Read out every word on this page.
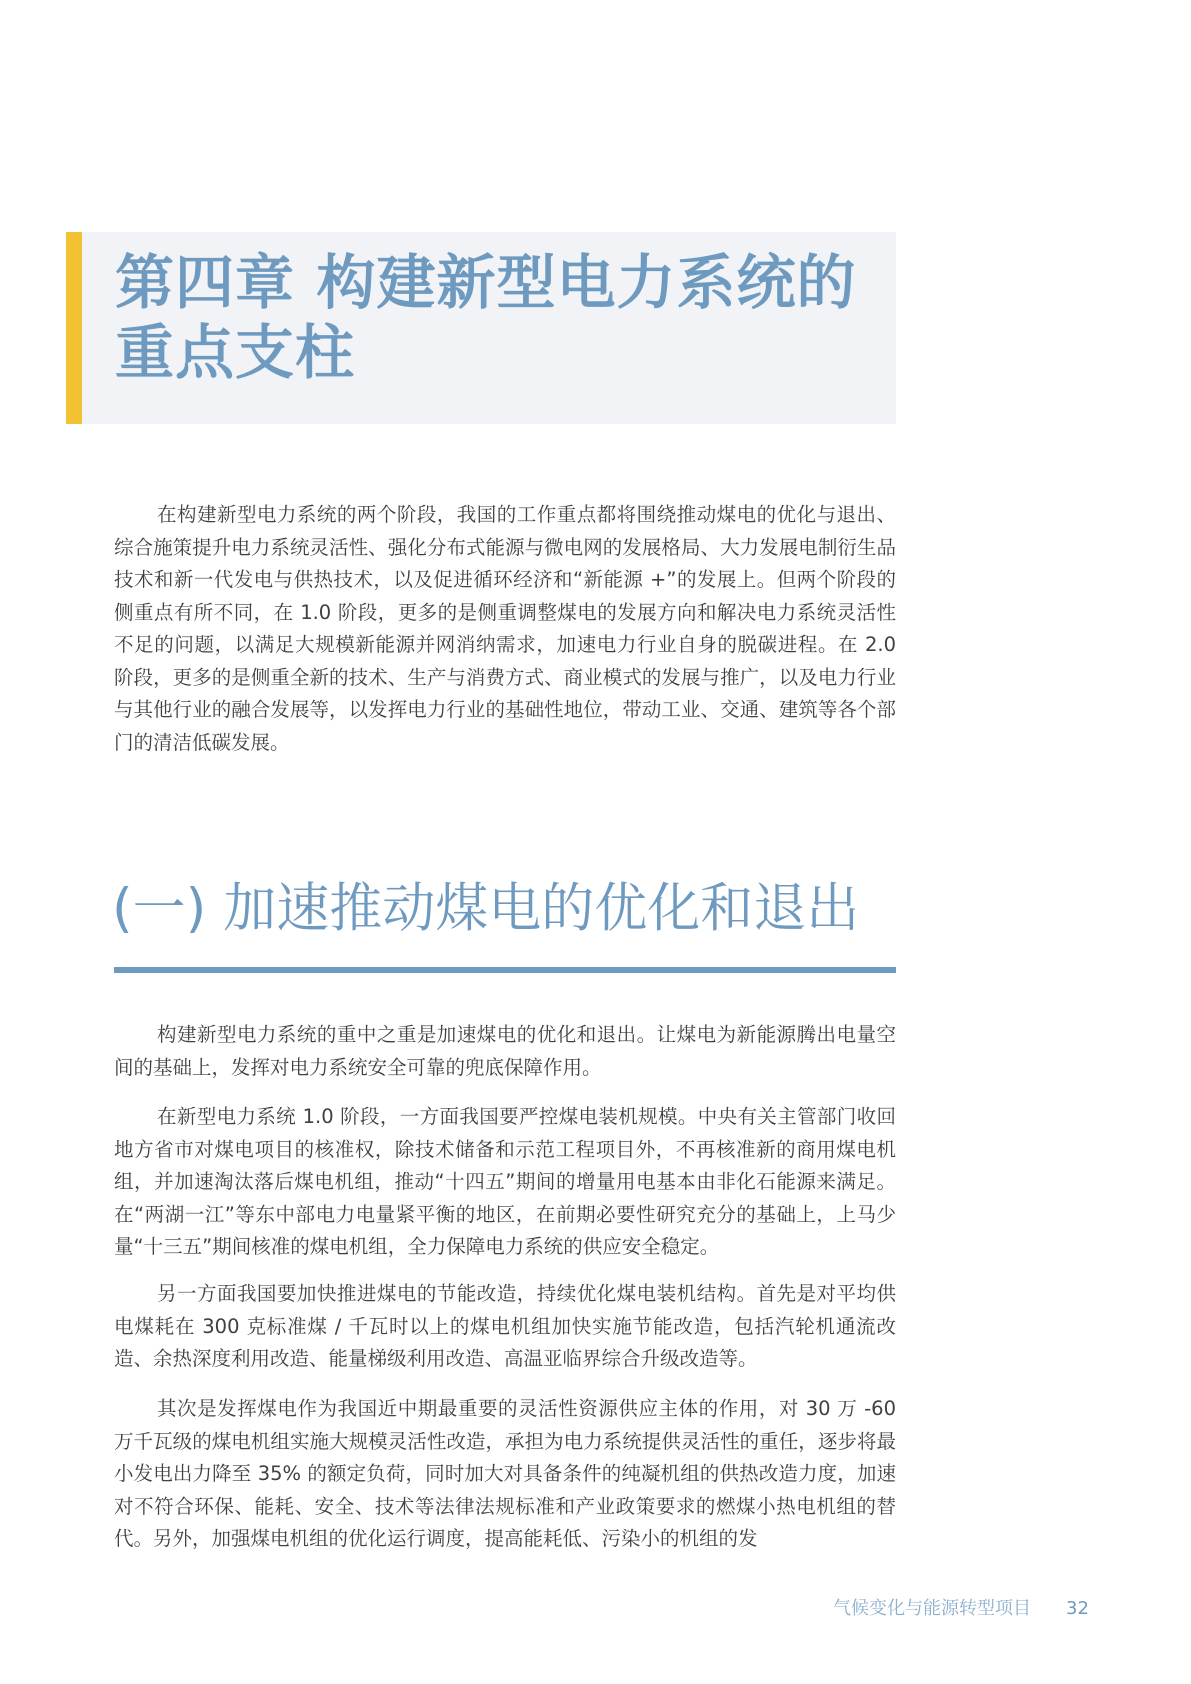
第四章 构建新型电力系统的重点支柱

在构建新型电力系统的两个阶段，我国的工作重点都将围绕推动煤电的优化与退出、综合施策提升电力系统灵活性、强化分布式能源与微电网的发展格局、大力发展电制衍生品技术和新一代发电与供热技术，以及促进循环经济和“新能源 +”的发展上。但两个阶段的侧重点有所不同，在 1.0 阶段，更多的是侧重调整煤电的发展方向和解决电力系统灵活性不足的问题，以满足大规模新能源并网消纳需求，加速电力行业自身的脱碳进程。在 2.0 阶段，更多的是侧重全新的技术、生产与消费方式、商业模式的发展与推广，以及电力行业与其他行业的融合发展等，以发挥电力行业的基础性地位，带动工业、交通、建筑等各个部门的清洁低碳发展。

(一) 加速推动煤电的优化和退出

构建新型电力系统的重中之重是加速煤电的优化和退出。让煤电为新能源腾出电量空间的基础上，发挥对电力系统安全可靠的兜底保障作用。

在新型电力系统 1.0 阶段，一方面我国要严控煤电装机规模。中央有关主管部门收回地方省市对煤电项目的核准权，除技术储备和示范工程项目外，不再核准新的商用煤电机组，并加速淘汰落后煤电机组，推动“十四五”期间的增量用电基本由非化石能源来满足。在“两湖一江”等东中部电力电量紧平衡的地区，在前期必要性研究充分的基础上，上马少量“十三五”期间核准的煤电机组，全力保障电力系统的供应安全稳定。

另一方面我国要加快推进煤电的节能改造，持续优化煤电装机结构。首先是对平均供电煤耗在 300 克标准煤 / 千瓦时以上的煤电机组加快实施节能改造，包括汽轮机通流改造、余热深度利用改造、能量梯级利用改造、高温亚临界综合升级改造等。

其次是发挥煤电作为我国近中期最重要的灵活性资源供应主体的作用，对 30 万 -60 万千瓦级的煤电机组实施大规模灵活性改造，承担为电力系统提供灵活性的重任，逐步将最小发电出力降至 35% 的额定负荷，同时加大对具备条件的纯凝机组的供热改造力度，加速对不符合环保、能耗、安全、技术等法律法规标准和产业政策要求的燃煤小热电机组的替代。另外，加强煤电机组的优化运行调度，提高能耗低、污染小的机组的发

气候变化与能源转型项目 32
